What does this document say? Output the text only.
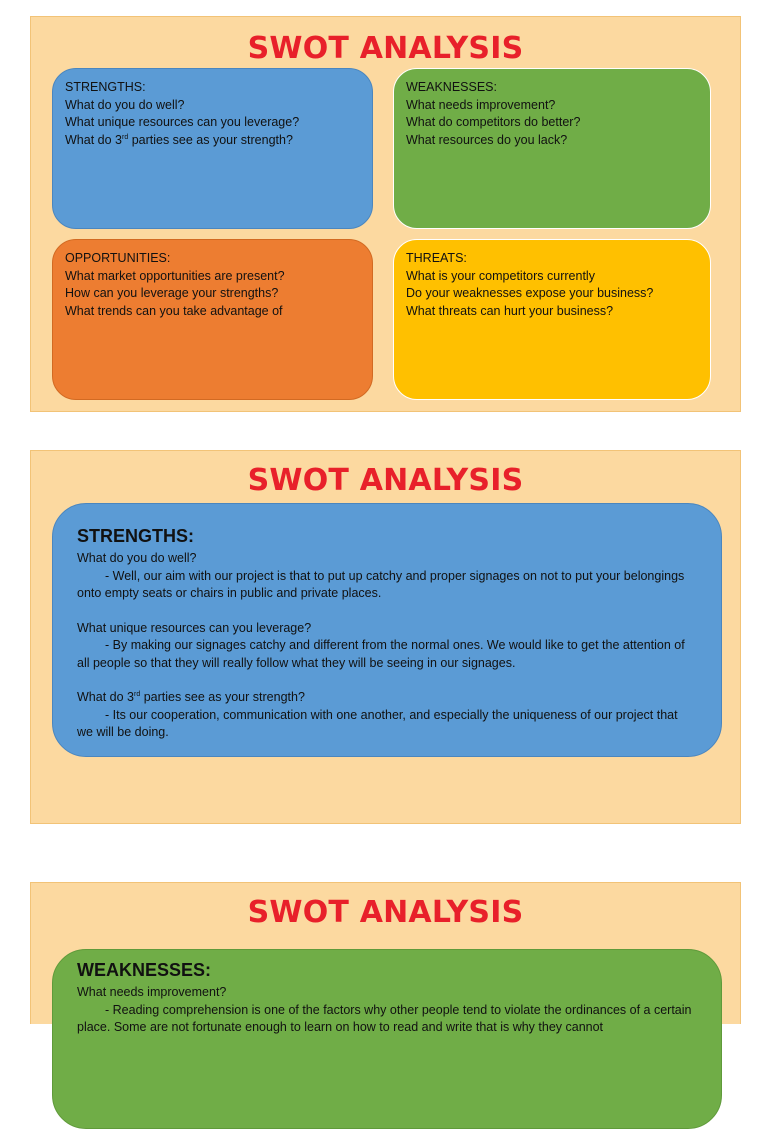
SWOT ANALYSIS
STRENGTHS:
What do you do well?
What unique resources can you leverage?
What do 3rd parties see as your strength?
WEAKNESSES:
What needs improvement?
What do competitors do better?
What resources do you lack?
OPPORTUNITIES:
What market opportunities are present?
How can you leverage your strengths?
What trends can you take advantage of
THREATS:
What is your competitors currently
Do your weaknesses expose your business?
What threats can hurt your business?
SWOT ANALYSIS
STRENGTHS:
What do you do well?
- Well, our aim with our project is that to put up catchy and proper signages on not to put your belongings onto empty seats or chairs in public and private places.
What unique resources can you leverage?
- By making our signages catchy and different from the normal ones. We would like to get the attention of all people so that they will really follow what they will be seeing in our signages.
What do 3rd parties see as your strength?
- Its our cooperation, communication with one another, and especially the uniqueness of our project that we will be doing.
SWOT ANALYSIS
WEAKNESSES:
What needs improvement?
- Reading comprehension is one of the factors why other people tend to violate the ordinances of a certain place. Some are not fortunate enough to learn on how to read and write that is why they cannot
